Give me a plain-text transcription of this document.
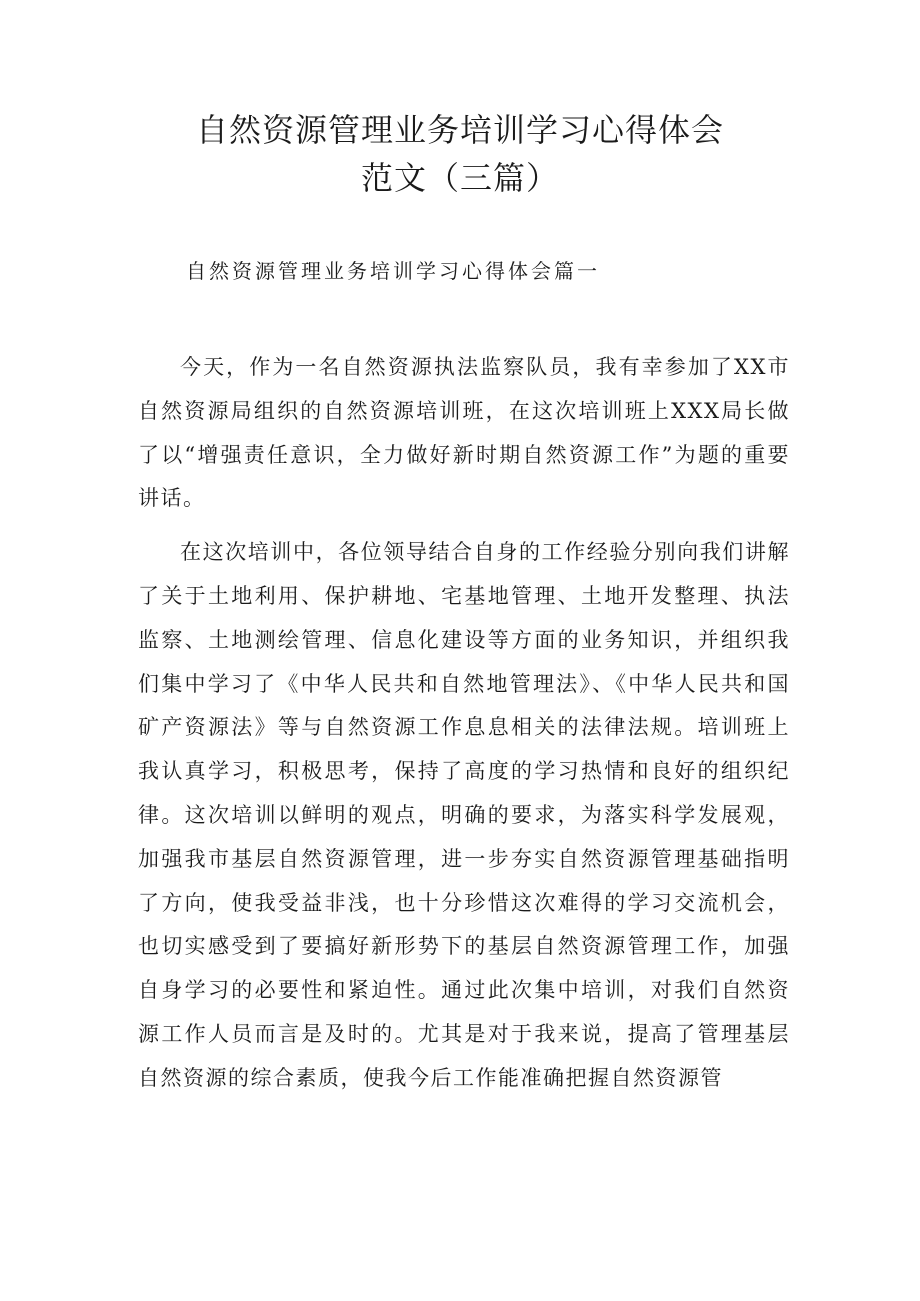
自然资源管理业务培训学习心得体会
范文（三篇）
自然资源管理业务培训学习心得体会篇一

今天，作为一名自然资源执法监察队员，我有幸参加了XX市自然资源局组织的自然资源培训班，在这次培训班上XXX局长做了以“增强责任意识，全力做好新时期自然资源工作”为题的重要讲话。

在这次培训中，各位领导结合自身的工作经验分别向我们讲解了关于土地利用、保护耕地、宅基地管理、土地开发整理、执法监察、土地测绘管理、信息化建设等方面的业务知识，并组织我们集中学习了《中华人民共和自然地管理法》、《中华人民共和国矿产资源法》等与自然资源工作息息相关的法律法规。培训班上我认真学习，积极思考，保持了高度的学习热情和良好的组织纪律。这次培训以鲜明的观点，明确的要求，为落实科学发展观，加强我市基层自然资源管理，进一步夯实自然资源管理基础指明了方向，使我受益非浅，也十分珍惜这次难得的学习交流机会，也切实感受到了要搞好新形势下的基层自然资源管理工作，加强自身学习的必要性和紧迫性。通过此次集中培训，对我们自然资源工作人员而言是及时的。尤其是对于我来说，提高了管理基层自然资源的综合素质，使我今后工作能准确把握自然资源管
